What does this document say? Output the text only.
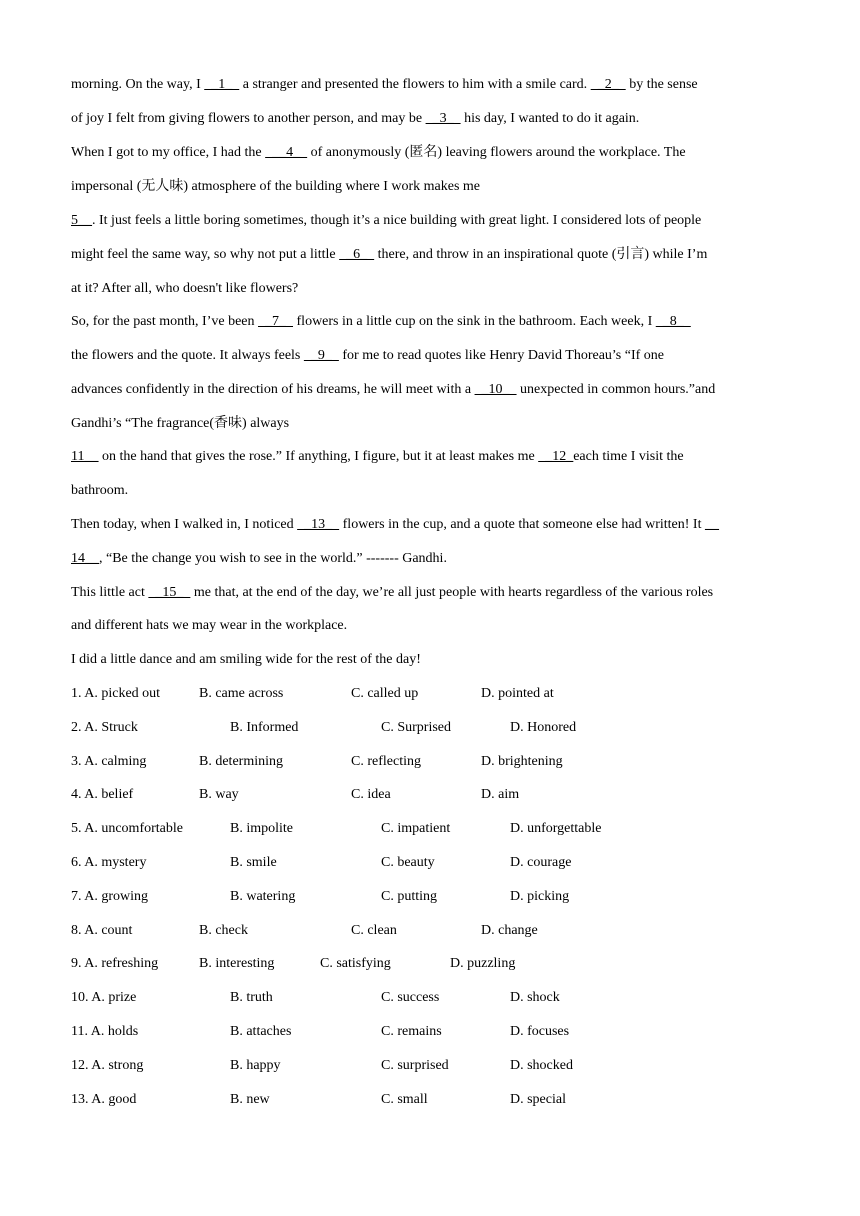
morning. On the way, I   _1_   a stranger and presented the flowers to him with a smile card.   _2_   by the sense
of joy I felt from giving flowers to another person, and may be   _3_   his day, I wanted to do it again.
When I got to my office, I had the   __4_   of anonymously (匿名) leaving flowers around the workplace. The
impersonal (无人味) atmosphere of the building where I work makes me
5__. It just feels a little boring sometimes, though it’s a nice building with great light. I considered lots of people
might feel the same way, so why not put a little   _6_   there, and throw in an inspirational quote (引言) while I’m
at it? After all, who doesn't like flowers?
So, for the past month, I’ve been   _7_   flowers in a little cup on the sink in the bathroom. Each week, I   _8_
the flowers and the quote. It always feels   _9_   for me to read quotes like Henry David Thoreau’s “If one
advances confidently in the direction of his dreams, he will meet with a   _10_   unexpected in common hours.”and
Gandhi’s “The fragrance(香味) always
11__ on the hand that gives the rose.” If anything, I figure, but it at least makes me   _12_each time I visit the
bathroom.
Then today, when I walked in, I noticed   _13_   flowers in the cup, and a quote that someone else had written! It __
14__, “Be the change you wish to see in the world.” ------- Gandhi.
This little act   _15_   me that, at the end of the day, we’re all just people with hearts regardless of the various roles
and different hats we may wear in the workplace.
I did a little dance and am smiling wide for the rest of the day!
1. A. picked out	B. came across	C. called up	D. pointed at
2. A. Struck	B. Informed	C. Surprised	D. Honored
3. A. calming	B. determining	C. reflecting	D. brightening
4. A. belief	B. way	C. idea	D. aim
5. A. uncomfortable	B. impolite	C. impatient	D. unforgettable
6. A. mystery	B. smile	C. beauty	D. courage
7. A. growing	B. watering	C. putting	D. picking
8. A. count	B. check	C. clean	D. change
9. A. refreshing	B. interesting	C. satisfying	D. puzzling
10. A. prize	B. truth	C. success	D. shock
11. A. holds	B. attaches	C. remains	D. focuses
12. A. strong	B. happy	C. surprised	D. shocked
13. A. good	B. new	C. small	D. special
